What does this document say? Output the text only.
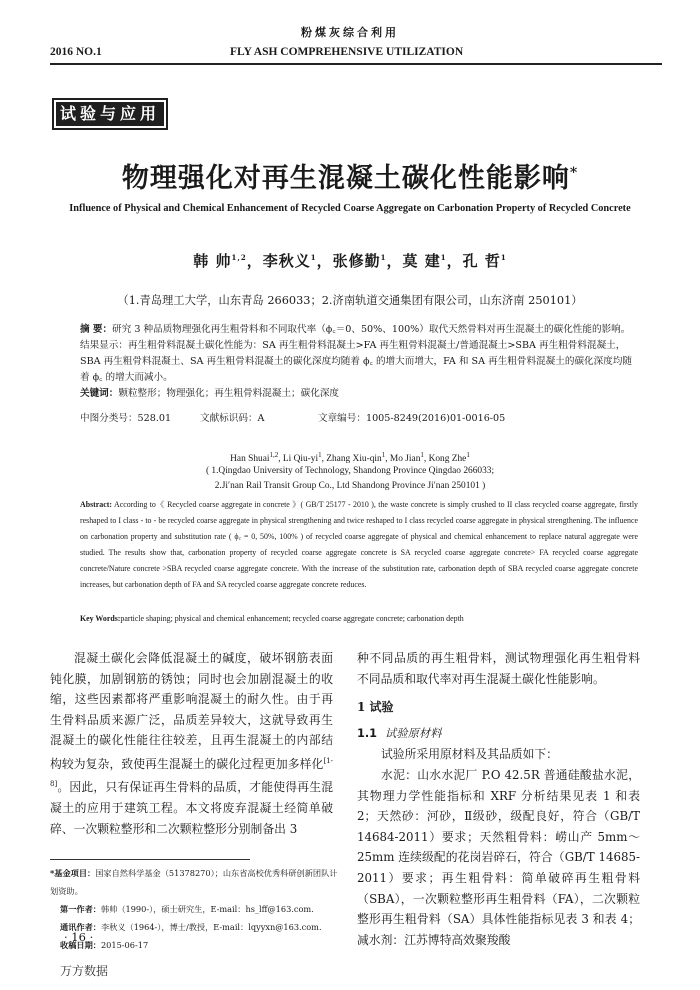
粉煤灰综合利用
2016 NO.1	FLY ASH COMPREHENSIVE UTILIZATION
试验与应用
物理强化对再生混凝土碳化性能影响*
Influence of Physical and Chemical Enhancement of Recycled Coarse Aggregate on Carbonation Property of Recycled Concrete
韩 帅$^{1,2}$，李秋义$^1$，张修勤$^1$，莫 建$^1$，孔 哲$^1$
（1.青岛理工大学，山东青岛 266033；2.济南轨道交通集团有限公司，山东济南 250101）
摘 要：研究 3 种品质物理强化再生粗骨料和不同取代率（ϕ꜀＝0、50%、100%）取代天然骨料对再生混凝土的碳化性能的影响。结果显示：再生粗骨料混凝土碳化性能为：SA 再生粗骨料混凝土>FA 再生粗骨料混凝土/普通混凝土>SBA 再生粗骨料混凝土，SBA 再生粗骨料混凝土、SA 再生粗骨料混凝土的碳化深度均随着 ϕ꜀ 的增大而增大，FA 和 SA 再生粗骨料混凝土的碳化深度均随着 ϕ꜀ 的增大而减小。
关键词：颗粒整形；物理强化；再生粗骨料混凝土；碳化深度
中图分类号：528.01	文献标识码：A	文章编号：1005-8249(2016)01-0016-05
Han Shuai$^{1,2}$, Li Qiu-$yi^1$, Zhang Xiu-qin$^1$, Mo Jian$^1$, Kong Zhe$^1$
( 1.Qingdao University of Technology, Shandong Province Qingdao 266033;
2.Ji′nan Rail Transit Group Co., Ltd Shandong Province Ji′nan 250101 )
Abstract: According to《 Recycled coarse aggregate in concrete 》( GB/T 25177 - 2010 ), the waste concrete is simply crushed to II class recycled coarse aggregate, firstly reshaped to I class - to - be recycled coarse aggregate in physical strengthening and twice reshaped to I class recycled coarse aggregate in physical strengthening. The influence on carbonation property and substitution rate ( ϕ꜀ = 0, 50%, 100% ) of recycled coarse aggregate of physical and chemical enhancement to replace natural aggregate were studied. The results show that, carbonation property of recycled coarse aggregate concrete is SA recycled coarse aggregate concrete> FA recycled coarse aggregate concrete/Nature concrete >SBA recycled coarse aggregate concrete. With the increase of the substitution rate, carbonation depth of SBA recycled coarse aggregate concrete increases, but carbonation depth of FA and SA recycled coarse aggregate concrete reduces.
Key Words:particle shaping; physical and chemical enhancement; recycled coarse aggregate concrete; carbonation depth

混凝土碳化会降低混凝土的碱度，破坏钢筋表面钝化膜，加剧钢筋的锈蚀；同时也会加剧混凝土的收缩，这些因素都将严重影响混凝土的耐久性。由于再生骨料品质来源广泛，品质差异较大，这就导致再生混凝土的碳化性能往往较差，且再生混凝土的内部结构较为复杂，致使再生混凝土的碳化过程更加多样化[1-8]。因此，只有保证再生骨料的品质，才能使得再生混凝土的应用于建筑工程。本文将废弃混凝土经简单破碎、一次颗粒整形和二次颗粒整形分别制备出 3

种不同品质的再生粗骨料，测试物理强化再生粗骨料不同品质和取代率对再生混凝土碳化性能影响。

1 试验
1.1 试验原材料

试验所采用原材料及其品质如下：

水泥：山水水泥厂 P.O 42.5R 普通硅酸盐水泥，其物理力学性能指标和 XRF 分析结果见表 1 和表 2；天然砂：河砂，Ⅱ级砂，级配良好，符合（GB/T 14684-2011）要求；天然粗骨料：崂山产 5mm～25mm 连续级配的花岗岩碎石，符合（GB/T 14685-2011）要求；再生粗骨料：简单破碎再生粗骨料（SBA），一次颗粒整形再生粗骨料（FA），二次颗粒整形再生粗骨料（SA）具体性能指标见表 3 和表 4；减水剂：江苏博特高效聚羧酸

*基金项目：国家自然科学基金（51378270）；山东省高校优秀科研创新团队计划资助。
第一作者：韩帅（1990-），硕士研究生，E-mail：hs_lff@163.com.
通讯作者：李秋义（1964-），博士/教授，E-mail：lqyyxn@163.com.
收稿日期：2015-06-17
· 16 ·
万方数据
